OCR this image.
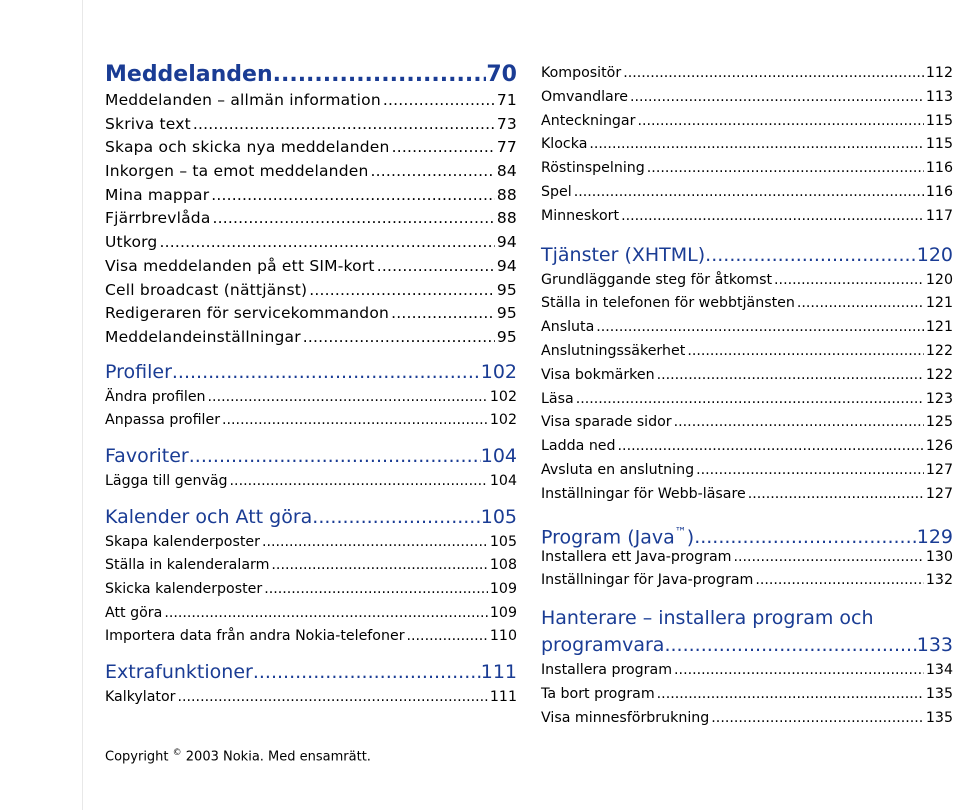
Meddelanden .....	70
Meddelanden – allmän information .....	71
Skriva text .....	73
Skapa och skicka nya meddelanden .....	77
Inkorgen – ta emot meddelanden .....	84
Mina mappar .....	88
Fjärrbrevlåda .....	88
Utkorg .....	94
Visa meddelanden på ett SIM-kort .....	94
Cell broadcast (nättjänst) .....	95
Redigeraren för servicekommandon .....	95
Meddelandeinställningar .....	95
Profiler .....	102
Ändra profilen .....	102
Anpassa profiler .....	102
Favoriter .....	104
Lägga till genväg .....	104
Kalender och Att göra .....	105
Skapa kalenderposter .....	105
Ställa in kalenderalarm .....	108
Skicka kalenderposter .....	109
Att göra .....	109
Importera data från andra Nokia-telefoner .....	110
Extrafunktioner .....	111
Kalkylator .....	111
Copyright © 2003 Nokia. Med ensamrätt.
Kompositör .....	112
Omvandlare .....	113
Anteckningar .....	115
Klocka .....	115
Röstinspelning .....	116
Spel .....	116
Minneskort .....	117
Tjänster (XHTML) .....	120
Grundläggande steg för åtkomst .....	120
Ställa in telefonen för webbtjänsten .....	121
Ansluta .....	121
Anslutningssäkerhet .....	122
Visa bokmärken .....	122
Läsa .....	123
Visa sparade sidor .....	125
Ladda ned .....	126
Avsluta en anslutning .....	127
Inställningar för Webb-läsare .....	127
Program (Java™) .....	129
Installera ett Java-program .....	130
Inställningar för Java-program .....	132
Hanterare – installera program och
programvara .....	133
Installera program .....	134
Ta bort program .....	135
Visa minnesförbrukning .....	135
